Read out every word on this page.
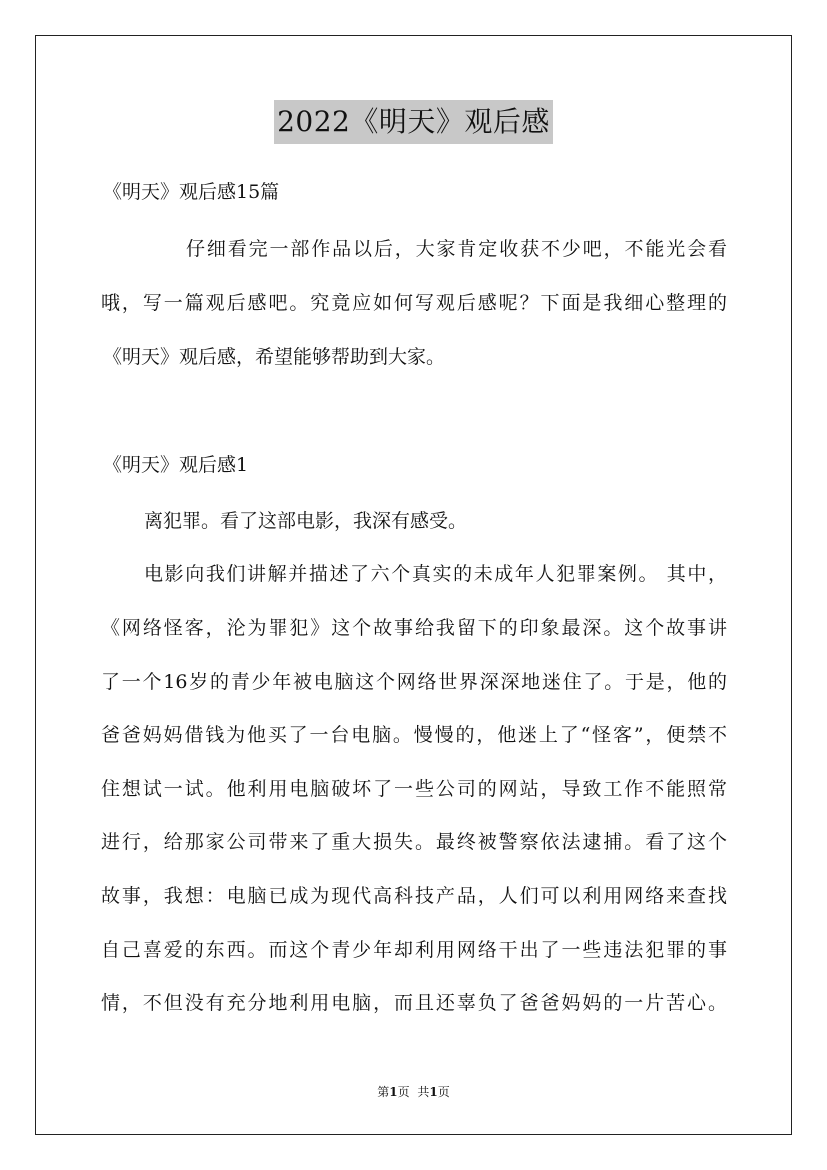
2022《明天》观后感
《明天》观后感15篇
仔细看完一部作品以后，大家肯定收获不少吧，不能光会看
哦，写一篇观后感吧。究竟应如何写观后感呢？下面是我细心整理的
《明天》观后感，希望能够帮助到大家。
《明天》观后感1
离犯罪。看了这部电影，我深有感受。
电影向我们讲解并描述了六个真实的未成年人犯罪案例。 其中，
《网络怪客，沦为罪犯》这个故事给我留下的印象最深。这个故事讲
了一个16岁的青少年被电脑这个网络世界深深地迷住了。于是，他的
爸爸妈妈借钱为他买了一台电脑。慢慢的，他迷上了“怪客”，便禁不
住想试一试。他利用电脑破坏了一些公司的网站，导致工作不能照常
进行，给那家公司带来了重大损失。最终被警察依法逮捕。看了这个
故事，我想：电脑已成为现代高科技产品，人们可以利用网络来查找
自己喜爱的东西。而这个青少年却利用网络干出了一些违法犯罪的事
情，不但没有充分地利用电脑，而且还辜负了爸爸妈妈的一片苦心。
第1页 共1页
